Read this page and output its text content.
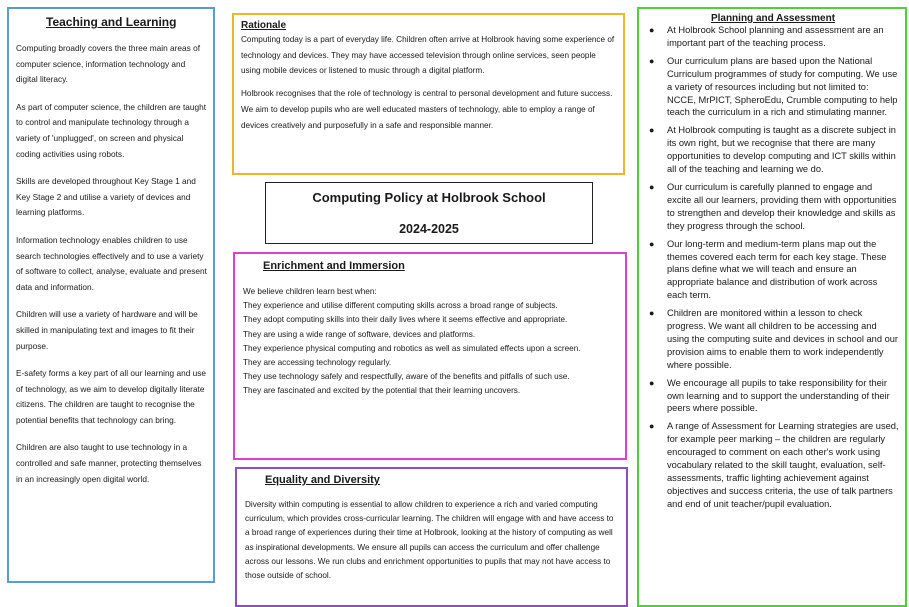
Teaching and Learning

Computing broadly covers the three main areas of computer science, information technology and digital literacy.

As part of computer science, the children are taught to control and manipulate technology through a variety of 'unplugged', on screen and physical coding activities using robots.

Skills are developed throughout Key Stage 1 and Key Stage 2 and utilise a variety of devices and learning platforms.

Information technology enables children to use search technologies effectively and to use a variety of software to collect, analyse, evaluate and present data and information.

Children will use a variety of hardware and will be skilled in manipulating text and images to fit their purpose.

E-safety forms a key part of all our learning and use of technology, as we aim to develop digitally literate citizens. The children are taught to recognise the potential benefits that technology can bring.

Children are also taught to use technology in a controlled and safe manner, protecting themselves in an increasingly open digital world.

Rationale

Computing today is a part of everyday life. Children often arrive at Holbrook having some experience of technology and devices. They may have accessed television through online services, seen people using mobile devices or listened to music through a digital platform.

Holbrook recognises that the role of technology is central to personal development and future success. We aim to develop pupils who are well educated masters of technology, able to employ a range of devices creatively and purposefully in a safe and responsible manner.

Computing Policy at Holbrook School
2024-2025
Enrichment and Immersion

We believe children learn best when:

They experience and utilise different computing skills across a broad range of subjects.

They adopt computing skills into their daily lives where it seems effective and appropriate.

They are using a wide range of software, devices and platforms.

They experience physical computing and robotics as well as simulated effects upon a screen.

They are accessing technology regularly.

They use technology safely and respectfully, aware of the benefits and pitfalls of such use.

They are fascinated and excited by the potential that their learning uncovers.

Equality and Diversity

Diversity within computing is essential to allow children to experience a rich and varied computing curriculum, which provides cross-curricular learning. The children will engage with and have access to a broad range of experiences during their time at Holbrook, looking at the history of computing as well as inspirational developments. We ensure all pupils can access the curriculum and offer challenge across our lessons. We run clubs and enrichment opportunities to pupils that may not have access to those outside of school.

Planning and Assessment
● At Holbrook School planning and assessment are an important part of the teaching process.
● Our curriculum plans are based upon the National Curriculum programmes of study for computing. We use a variety of resources including but not limited to: NCCE, MrPICT, SpheroEdu, Crumble computing to help teach the curriculum in a rich and stimulating manner.
● At Holbrook computing is taught as a discrete subject in its own right, but we recognise that there are many opportunities to develop computing and ICT skills within all of the teaching and learning we do.
● Our curriculum is carefully planned to engage and excite all our learners, providing them with opportunities to strengthen and develop their knowledge and skills as they progress through the school.
● Our long-term and medium-term plans map out the themes covered each term for each key stage. These plans define what we will teach and ensure an appropriate balance and distribution of work across each term.
● Children are monitored within a lesson to check progress. We want all children to be accessing and using the computing suite and devices in school and our provision aims to enable them to work independently where possible.
● We encourage all pupils to take responsibility for their own learning and to support the understanding of their peers where possible.
● A range of Assessment for Learning strategies are used, for example peer marking – the children are regularly encouraged to comment on each other's work using vocabulary related to the skill taught, evaluation, self-assessments, traffic lighting achievement against objectives and success criteria, the use of talk partners and end of unit teacher/pupil evaluation.
